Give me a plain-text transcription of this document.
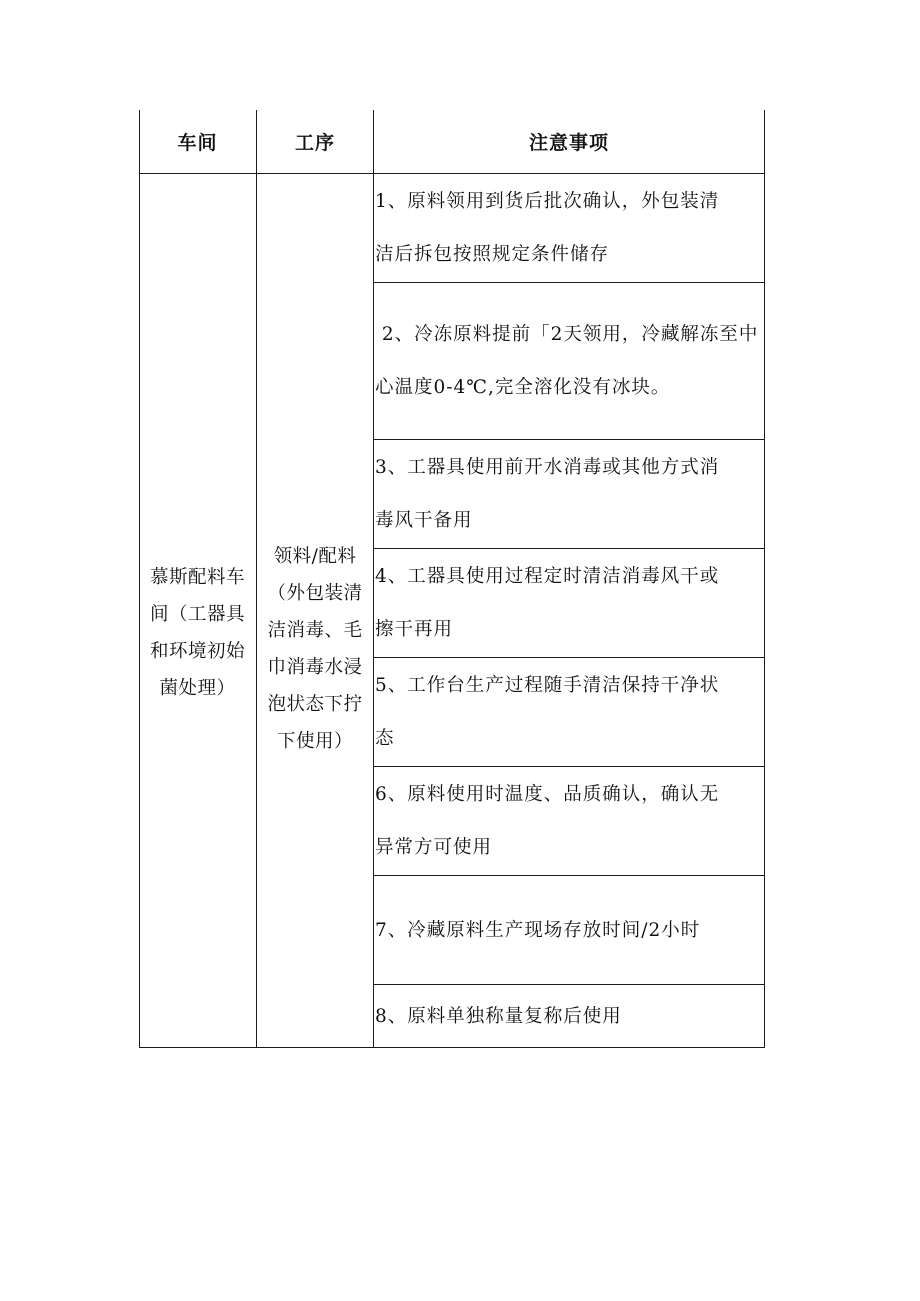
车间	工序	注意事项
慕斯配料车间（工器具和环境初始菌处理）
领料/配料（外包装清洁消毒、毛巾消毒水浸泡状态下拧下使用）
1、原料领用到货后批次确认，外包装清洁后拆包按照规定条件储存
2、冷冻原料提前「2天领用，冷藏解冻至中心温度0-4℃,完全溶化没有冰块。
3、工器具使用前开水消毒或其他方式消毒风干备用
4、工器具使用过程定时清洁消毒风干或擦干再用
5、工作台生产过程随手清洁保持干净状态
6、原料使用时温度、品质确认，确认无异常方可使用
7、冷藏原料生产现场存放时间/2小时
8、原料单独称量复称后使用
